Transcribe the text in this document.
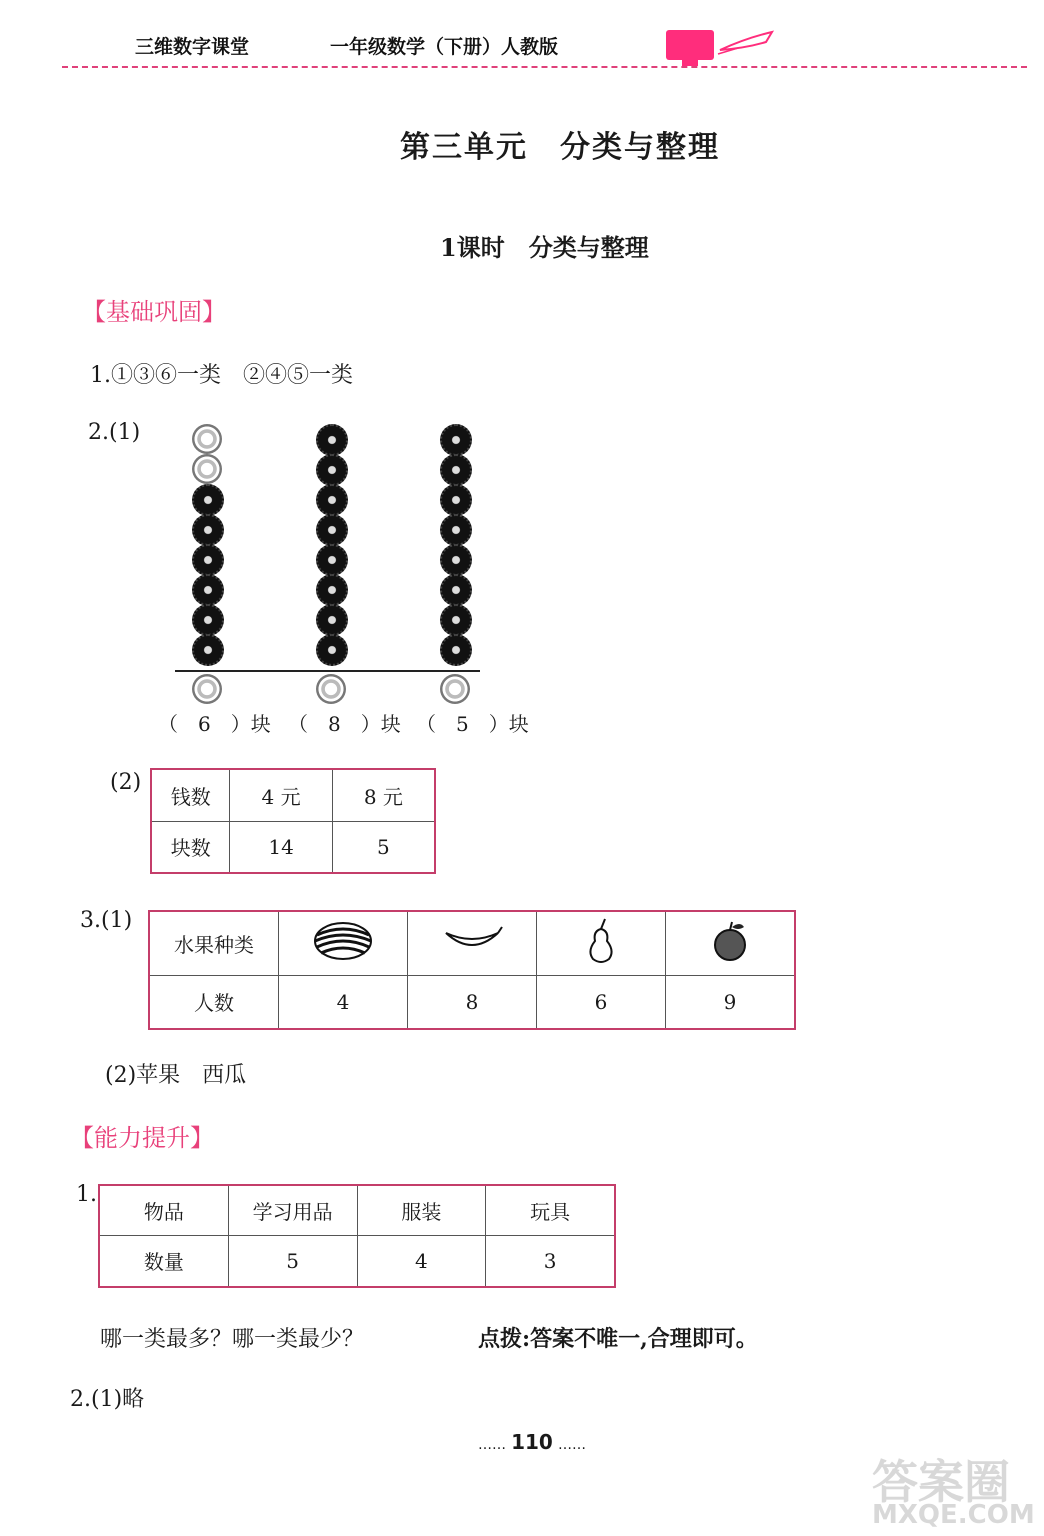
三维数字课堂	一年级数学（下册）人教版
第三单元　分类与整理
1课时　分类与整理
【基础巩固】
1.①③⑥一类　②④⑤一类
2.(1)
（　6　）块 （　8　）块 （　5　）块
(2)
钱数	4 元	8 元
块数	14	5
3.(1)
水果种类				
人数	4	8	6	9
(2)苹果　西瓜
【能力提升】
1.
物品	学习用品	服装	玩具
数量	5	4	3
哪一类最多？哪一类最少？	点拨:答案不唯一,合理即可。
2.(1)略
…… 110 ……
答案圈
MXQE.COM
